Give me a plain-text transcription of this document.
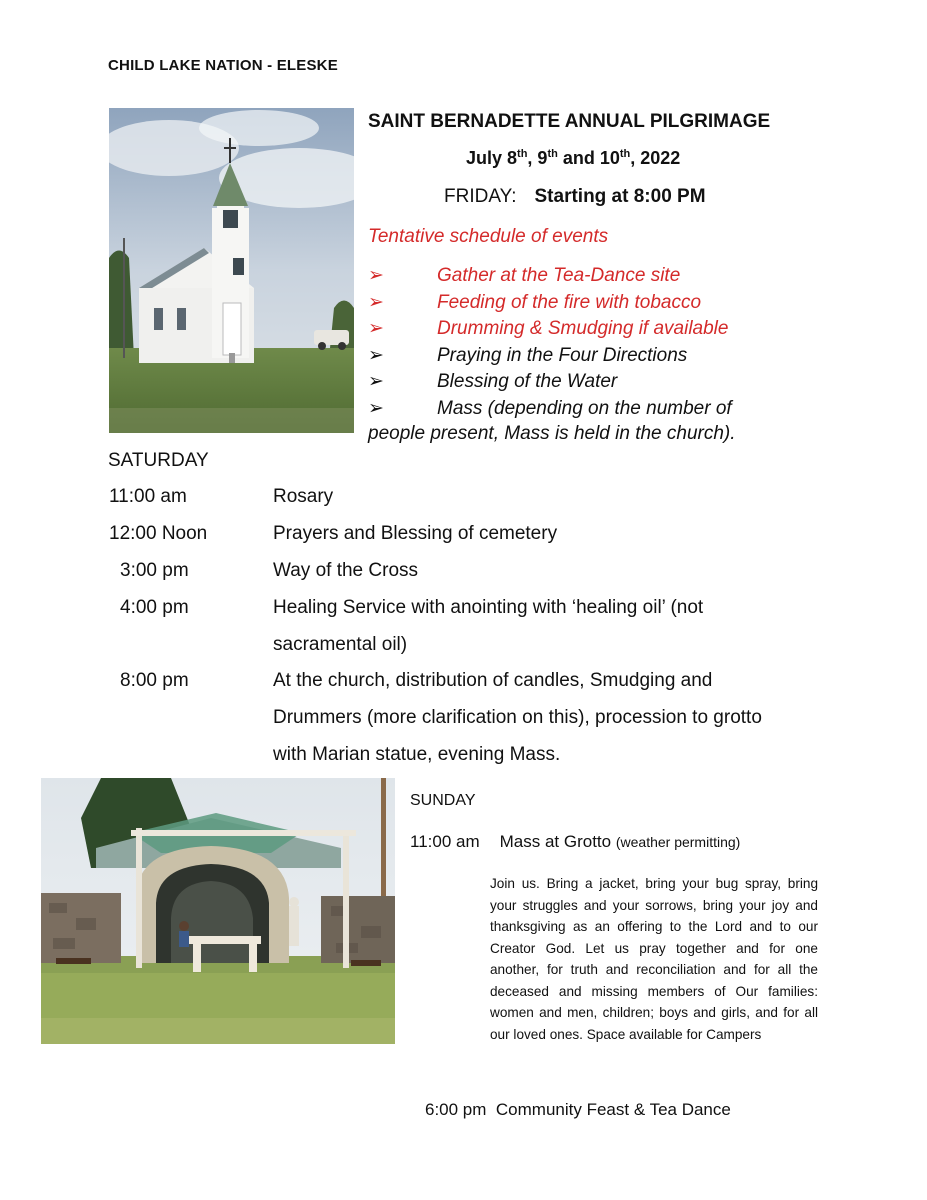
CHILD LAKE NATION - ELESKE
SAINT BERNADETTE ANNUAL PILGRIMAGE
July 8th, 9th and 10th, 2022
FRIDAY: Starting at 8:00 PM
Tentative schedule of events
➢	Gather at the Tea-Dance site
➢	Feeding of the fire with tobacco
➢	Drumming & Smudging if available
➢	Praying in the Four Directions
➢	Blessing of the Water
➢	Mass (depending on the number of
people present, Mass is held in the church).
SATURDAY
11:00 am	Rosary
12:00 Noon	Prayers and Blessing of cemetery
3:00 pm	Way of the Cross
4:00 pm	Healing Service with anointing with ‘healing oil’ (not sacramental oil)
8:00 pm	At the church, distribution of candles, Smudging and Drummers (more clarification on this), procession to grotto with Marian statue, evening Mass.
SUNDAY
11:00 am Mass at Grotto (weather permitting)
Join us. Bring a jacket, bring your bug spray, bring your struggles and your sorrows, bring your joy and thanksgiving as an offering to the Lord and to our Creator God. Let us pray together and for one another, for truth and reconciliation and for all the deceased and missing members of Our families: women and men, children; boys and girls, and for all our loved ones. Space available for Campers
6:00 pm Community Feast & Tea Dance
